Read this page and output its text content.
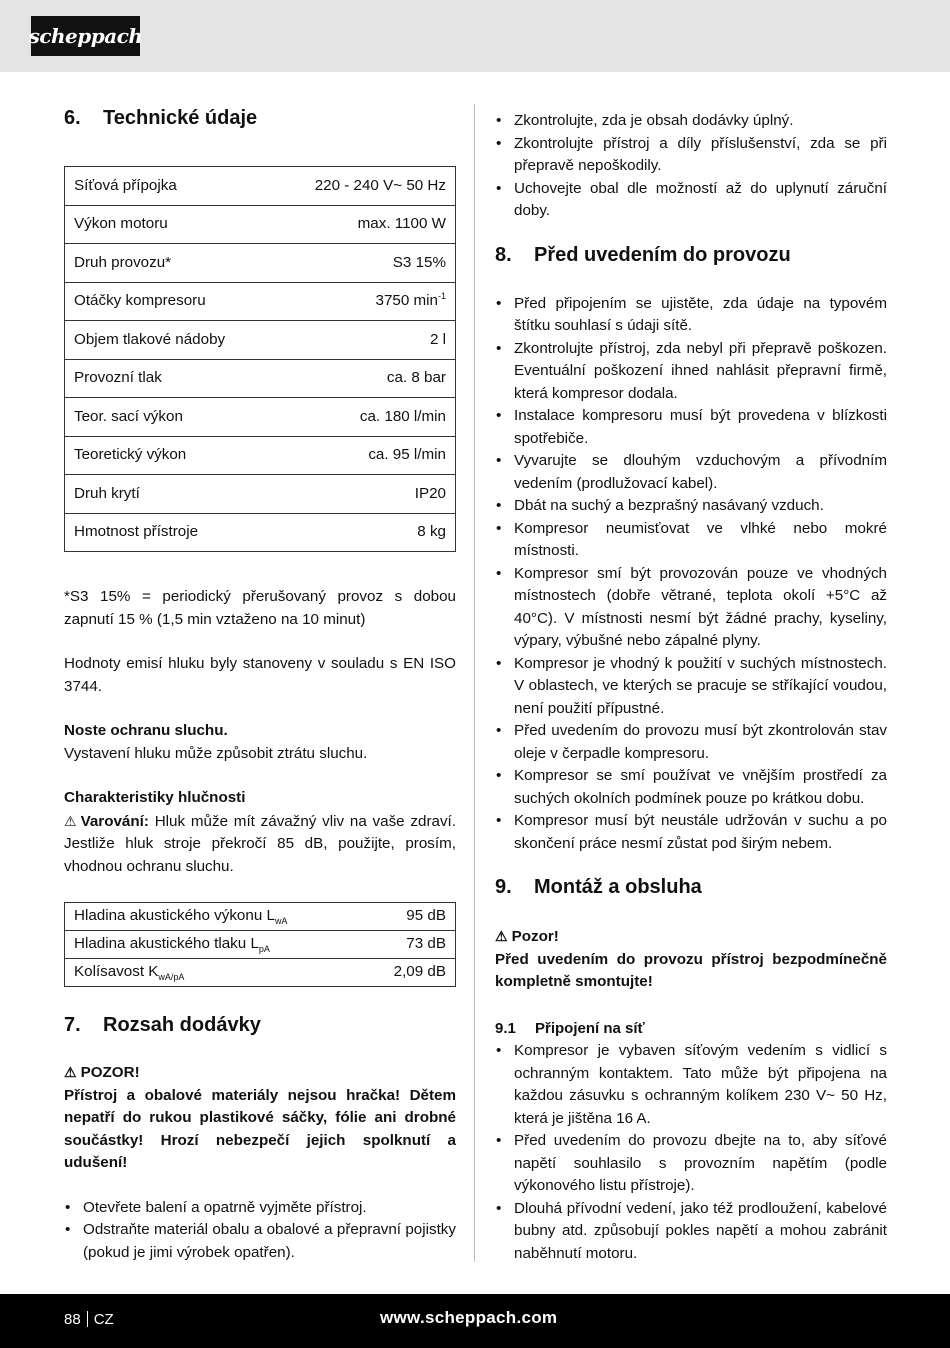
scheppach
6.	Technické údaje
Síťová přípojka	220 - 240 V~ 50 Hz
Výkon motoru	max. 1100 W
Druh provozu*	S3 15%
Otáčky kompresoru	3750 $\min^{-1}$
Objem tlakové nádoby	2 l
Provozní tlak	ca. 8 bar
Teor. sací výkon	ca. 180 l/min
Teoretický výkon	ca. 95 l/min
Druh krytí	IP20
Hmotnost přístroje	8 kg

*S3 15% = periodický přerušovaný provoz s dobou zapnutí 15 % (1,5 min vztaženo na 10 minut)

Hodnoty emisí hluku byly stanoveny v souladu s EN ISO 3744.

Noste ochranu sluchu.

Vystavení hluku může způsobit ztrátu sluchu.

Charakteristiky hlučnosti

⚠ Varování: Hluk může mít závažný vliv na vaše zdraví. Jestliže hluk stroje překročí 85 dB, použijte, prosím, vhodnou ochranu sluchu.

Hladina akustického výkonu $L_{wA}$	95 dB
Hladina akustického tlaku $L_{pA}$	73 dB
Kolísavost $K_{wA/pA}$	2,09 dB
7.	Rozsah dodávky

⚠ POZOR!

Přístroj a obalové materiály nejsou hračka! Dětem nepatří do rukou plastikové sáčky, fólie ani drobné součástky! Hrozí nebezpečí jejich spolknutí a udušení!

• Otevřete balení a opatrně vyjměte přístroj.
• Odstraňte materiál obalu a obalové a přepravní pojistky (pokud je jimi výrobek opatřen).
• Zkontrolujte, zda je obsah dodávky úplný.
• Zkontrolujte přístroj a díly příslušenství, zda se při přepravě nepoškodily.
• Uchovejte obal dle možností až do uplynutí záruční doby.
8.	Před uvedením do provozu
• Před připojením se ujistěte, zda údaje na typovém štítku souhlasí s údaji sítě.
• Zkontrolujte přístroj, zda nebyl při přepravě poškozen. Eventuální poškození ihned nahlásit přepravní firmě, která kompresor dodala.
• Instalace kompresoru musí být provedena v blízkosti spotřebiče.
• Vyvarujte se dlouhým vzduchovým a přívodním vedením (prodlužovací kabel).
• Dbát na suchý a bezprašný nasávaný vzduch.
• Kompresor neumisťovat ve vlhké nebo mokré místnosti.
• Kompresor smí být provozován pouze ve vhodných místnostech (dobře větrané, teplota okolí +5°C až 40°C). V místnosti nesmí být žádné prachy, kyseliny, výpary, výbušné nebo zápalné plyny.
• Kompresor je vhodný k použití v suchých místnostech. V oblastech, ve kterých se pracuje se stříkající voudou, není použití přípustné.
• Před uvedením do provozu musí být zkontrolován stav oleje v čerpadle kompresoru.
• Kompresor se smí používat ve vnějším prostředí za suchých okolních podmínek pouze po krátkou dobu.
• Kompresor musí být neustále udržován v suchu a po skončení práce nesmí zůstat pod širým nebem.
9.	Montáž a obsluha

⚠ Pozor!

Před uvedením do provozu přístroj bezpodmínečně kompletně smontujte!

9.1	Připojení na síť
• Kompresor je vybaven síťovým vedením s vidlicí s ochranným kontaktem. Tato může být připojena na každou zásuvku s ochranným kolíkem 230 V~ 50 Hz, která je jištěna 16 A.
• Před uvedením do provozu dbejte na to, aby síťové napětí souhlasilo s provozním napětím (podle výkonového listu přístroje).
• Dlouhá přívodní vedení, jako též prodloužení, kabelové bubny atd. způsobují pokles napětí a mohou zabránit naběhnutí motoru.
88 CZ	www.scheppach.com
